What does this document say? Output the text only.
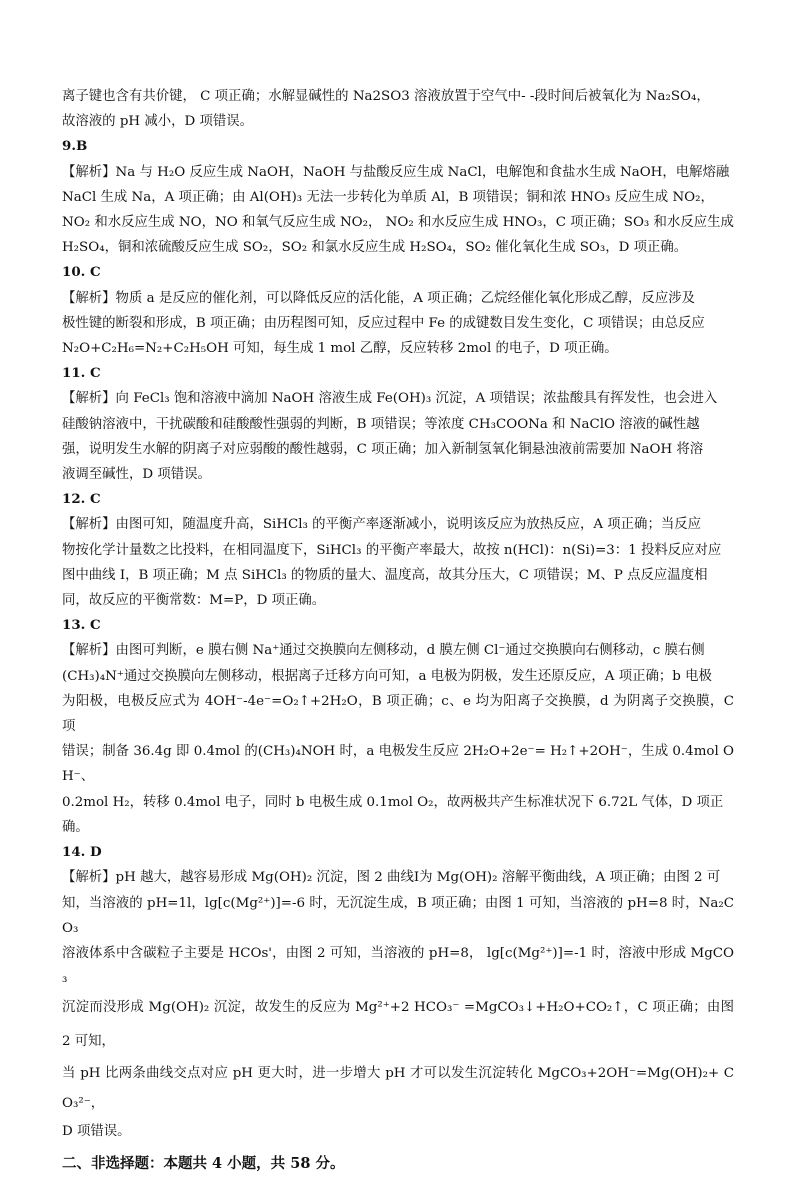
离子键也含有共价键， C 项正确；水解显碱性的 Na2SO3 溶液放置于空气中- -段时间后被氧化为 Na₂SO₄，

故溶液的 pH 减小，D 项错误。

9.B

【解析】Na 与 H₂O 反应生成 NaOH，NaOH 与盐酸反应生成 NaCl，电解饱和食盐水生成 NaOH，电解熔融

NaCl 生成 Na，A 项正确；由 Al(OH)₃ 无法一步转化为单质 Al，B 项错误；铜和浓 HNO₃ 反应生成 NO₂，

NO₂ 和水反应生成 NO，NO 和氧气反应生成 NO₂， NO₂ 和水反应生成 HNO₃，C 项正确；SO₃ 和水反应生成

H₂SO₄，铜和浓硫酸反应生成 SO₂，SO₂ 和氯水反应生成 H₂SO₄，SO₂ 催化氧化生成 SO₃，D 项正确。

10. C

【解析】物质 a 是反应的催化剂，可以降低反应的活化能，A 项正确；乙烷经催化氧化形成乙醇，反应涉及

极性键的断裂和形成，B 项正确；由历程图可知，反应过程中 Fe 的成键数目发生变化，C 项错误；由总反应

N₂O+C₂H₆=N₂+C₂H₅OH 可知，每生成 1 mol 乙醇，反应转移 2mol 的电子，D 项正确。

11. C

【解析】向 FeCl₃ 饱和溶液中滴加 NaOH 溶液生成 Fe(OH)₃ 沉淀，A 项错误；浓盐酸具有挥发性，也会进入

硅酸钠溶液中，干扰碳酸和硅酸酸性强弱的判断，B 项错误；等浓度 CH₃COONa 和 NaClO 溶液的碱性越

强，说明发生水解的阴离子对应弱酸的酸性越弱，C 项正确；加入新制氢氧化铜悬浊液前需要加 NaOH 将溶

液调至碱性，D 项错误。

12. C

【解析】由图可知，随温度升高，SiHCl₃ 的平衡产率逐渐减小，说明该反应为放热反应，A 项正确；当反应

物按化学计量数之比投料，在相同温度下，SiHCl₃ 的平衡产率最大，故按 n(HCl)：n(Si)=3：1 投料反应对应

图中曲线 I，B 项正确；M 点 SiHCl₃ 的物质的量大、温度高，故其分压大，C 项错误；M、P 点反应温度相

同，故反应的平衡常数：M=P，D 项正确。

13. C

【解析】由图可判断，e 膜右侧 Na⁺通过交换膜向左侧移动，d 膜左侧 Cl⁻通过交换膜向右侧移动，c 膜右侧

(CH₃)₄N⁺通过交换膜向左侧移动，根据离子迁移方向可知，a 电极为阴极，发生还原反应，A 项正确；b 电极

为阳极，电极反应式为 4OH⁻-4e⁻=O₂↑+2H₂O，B 项正确；c、e 均为阳离子交换膜，d 为阴离子交换膜，C 项

错误；制备 36.4g 即 0.4mol 的(CH₃)₄NOH 时，a 电极发生反应 2H₂O+2e⁻= H₂↑+2OH⁻，生成 0.4mol OH⁻、

0.2mol H₂，转移 0.4mol 电子，同时 b 电极生成 0.1mol O₂，故两极共产生标准状况下 6.72L 气体，D 项正

确。

14. D

【解析】pH 越大，越容易形成 Mg(OH)₂ 沉淀，图 2 曲线Ⅰ为 Mg(OH)₂ 溶解平衡曲线，A 项正确；由图 2 可

知，当溶液的 pH=1l，lg[c(Mg²⁺)]=-6 时，无沉淀生成，B 项正确；由图 1 可知，当溶液的 pH=8 时，Na₂CO₃

溶液体系中含碳粒子主要是 HCOs'，由图 2 可知，当溶液的 pH=8， lg[c(Mg²⁺)]=-1 时，溶液中形成 MgCO₃

沉淀而没形成 Mg(OH)₂ 沉淀，故发生的反应为 Mg²⁺+2 HCO₃⁻ =MgCO₃↓+H₂O+CO₂↑，C 项正确；由图 2 可知，

当 pH 比两条曲线交点对应 pH 更大时，进一步增大 pH 才可以发生沉淀转化 MgCO₃+2OH⁻=Mg(OH)₂+ CO₃²⁻，

D 项错误。

二、非选择题：本题共 4 小题，共 58 分。
